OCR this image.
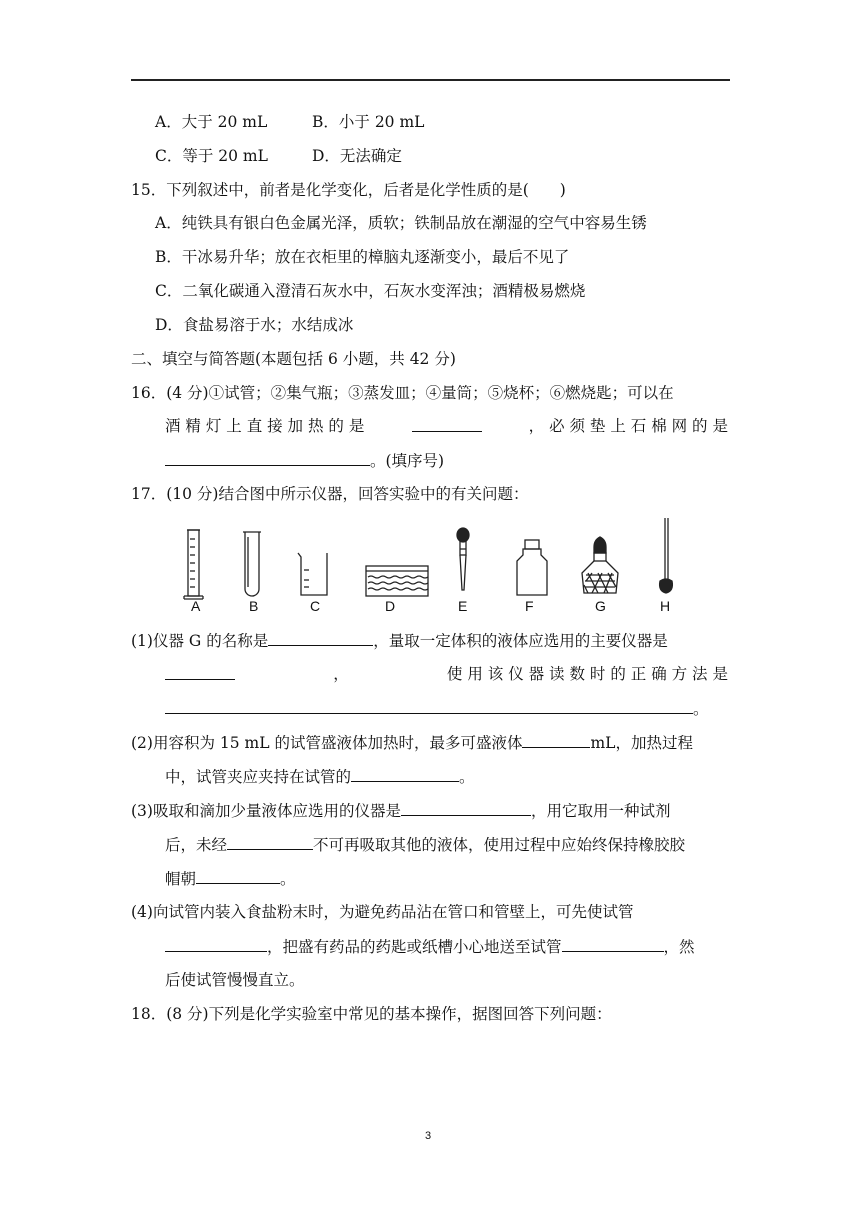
A．大于 20 mL	B．小于 20 mL
C．等于 20 mL	D．无法确定
15．下列叙述中，前者是化学变化，后者是化学性质的是(　　)
A．纯铁具有银白色金属光泽，质软；铁制品放在潮湿的空气中容易生锈
B．干冰易升华；放在衣柜里的樟脑丸逐渐变小，最后不见了
C．二氧化碳通入澄清石灰水中，石灰水变浑浊；酒精极易燃烧
D．食盐易溶于水；水结成冰
二、填空与简答题(本题包括 6 小题，共 42 分)
16．(4 分)①试管；②集气瓶；③蒸发皿；④量筒；⑤烧杯；⑥燃烧匙；可以在
酒 精 灯 上 直 接 加 热 的 是	， 必 须 垫 上 石 棉 网 的 是
。(填序号)
17．(10 分)结合图中所示仪器，回答实验中的有关问题：
A	B	C	D	E	F	G	H
(1)仪器 G 的名称是	，量取一定体积的液体应选用的主要仪器是
，	使 用 该 仪 器 读 数 时 的 正 确 方 法 是
。
(2)用容积为 15 mL 的试管盛液体加热时，最多可盛液体	mL，加热过程
中，试管夹应夹持在试管的	。
(3)吸取和滴加少量液体应选用的仪器是	，用它取用一种试剂
后，未经	不可再吸取其他的液体，使用过程中应始终保持橡胶胶
帽朝	。
(4)向试管内装入食盐粉末时，为避免药品沾在管口和管壁上，可先使试管
，把盛有药品的药匙或纸槽小心地送至试管	，然
后使试管慢慢直立。
18．(8 分)下列是化学实验室中常见的基本操作，据图回答下列问题：
3
